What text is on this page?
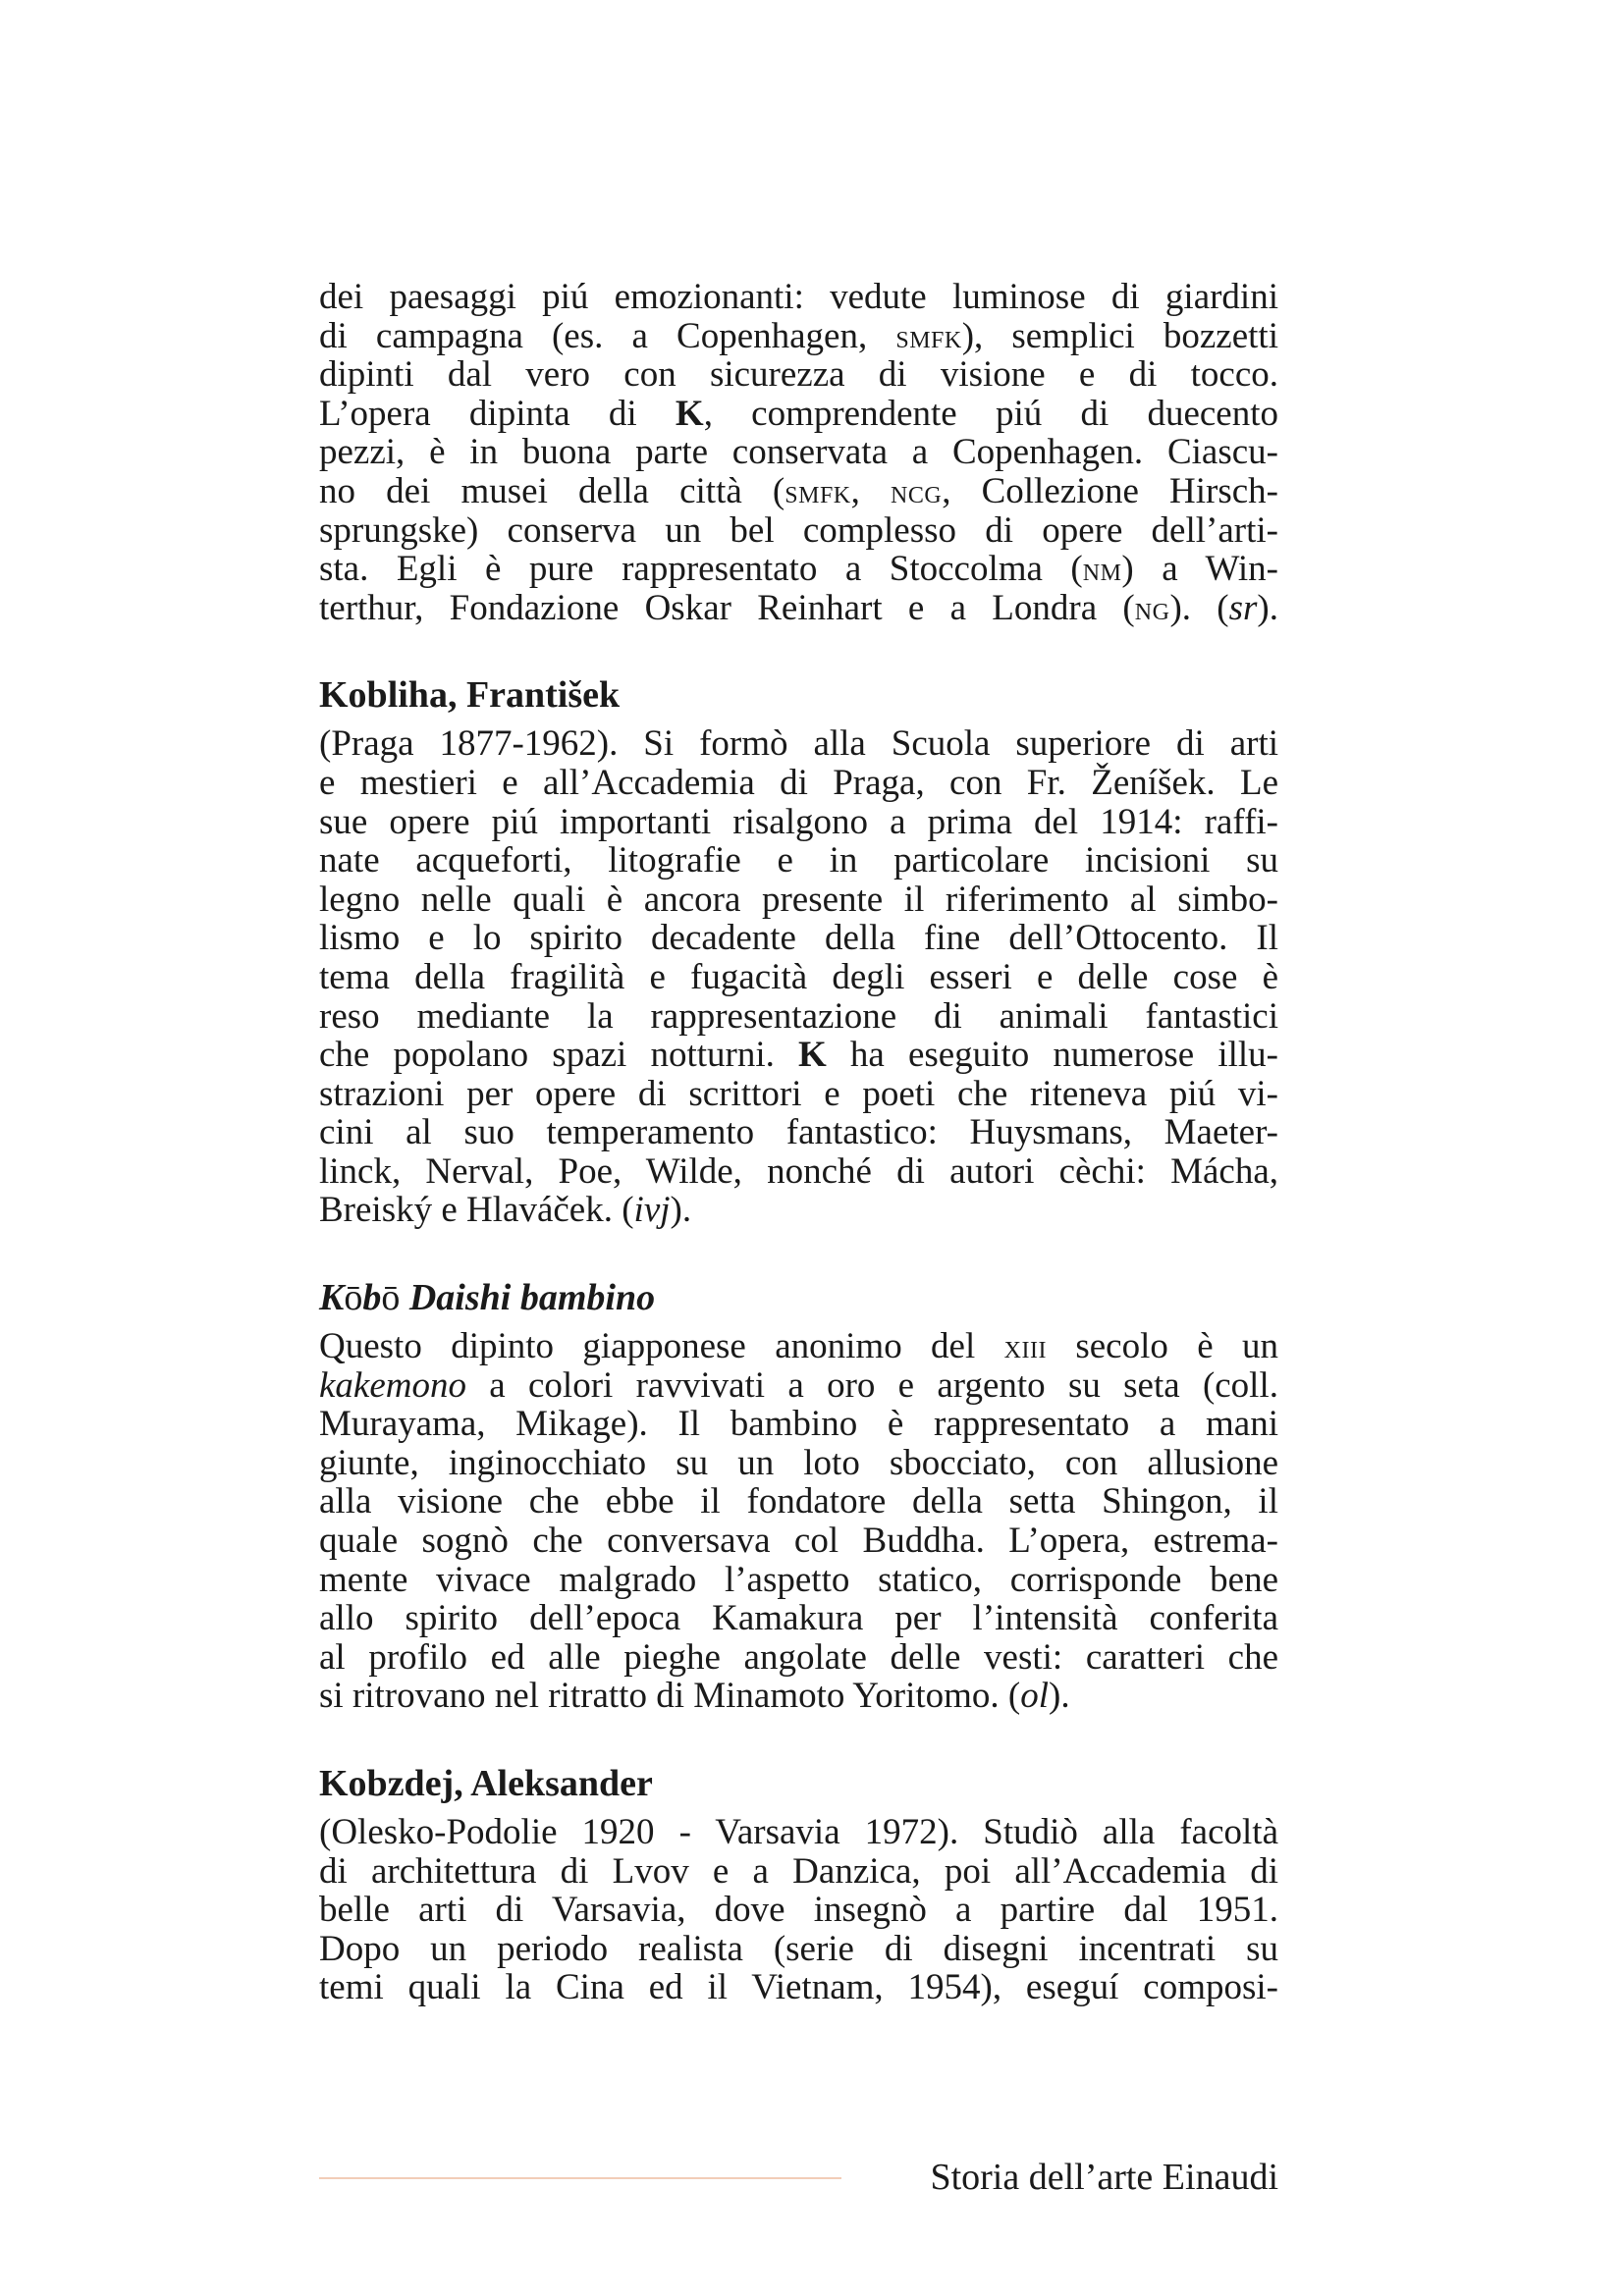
dei paesaggi piú emozionanti: vedute luminose di giardini
di campagna (es. a Copenhagen, smfk), semplici bozzetti
dipinti dal vero con sicurezza di visione e di tocco.
L’opera dipinta di K, comprendente piú di duecento
pezzi, è in buona parte conservata a Copenhagen. Ciascu-
no dei musei della città (smfk, ncg, Collezione Hirsch-
sprungske) conserva un bel complesso di opere dell’arti-
sta. Egli è pure rappresentato a Stoccolma (nm) a Win-
terthur, Fondazione Oskar Reinhart e a Londra (ng). (sr).
Kobliha, František
(Praga 1877-1962). Si formò alla Scuola superiore di arti
e mestieri e all’Accademia di Praga, con Fr. Ženíšek. Le
sue opere piú importanti risalgono a prima del 1914: raffi-
nate acqueforti, litografie e in particolare incisioni su
legno nelle quali è ancora presente il riferimento al simbo-
lismo e lo spirito decadente della fine dell’Ottocento. Il
tema della fragilità e fugacità degli esseri e delle cose è
reso mediante la rappresentazione di animali fantastici
che popolano spazi notturni. K ha eseguito numerose illu-
strazioni per opere di scrittori e poeti che riteneva piú vi-
cini al suo temperamento fantastico: Huysmans, Maeter-
linck, Nerval, Poe, Wilde, nonché di autori cèchi: Mácha,
Breiský e Hlaváček. (ivj).
Kōbō Daishi bambino
Questo dipinto giapponese anonimo del xiii secolo è un
kakemono a colori ravvivati a oro e argento su seta (coll.
Murayama, Mikage). Il bambino è rappresentato a mani
giunte, inginocchiato su un loto sbocciato, con allusione
alla visione che ebbe il fondatore della setta Shingon, il
quale sognò che conversava col Buddha. L’opera, estrema-
mente vivace malgrado l’aspetto statico, corrisponde bene
allo spirito dell’epoca Kamakura per l’intensità conferita
al profilo ed alle pieghe angolate delle vesti: caratteri che
si ritrovano nel ritratto di Minamoto Yoritomo. (ol).
Kobzdej, Aleksander
(Olesko-Podolie 1920 - Varsavia 1972). Studiò alla facoltà
di architettura di Lvov e a Danzica, poi all’Accademia di
belle arti di Varsavia, dove insegnò a partire dal 1951.
Dopo un periodo realista (serie di disegni incentrati su
temi quali la Cina ed il Vietnam, 1954), eseguí composi-
Storia dell’arte Einaudi
